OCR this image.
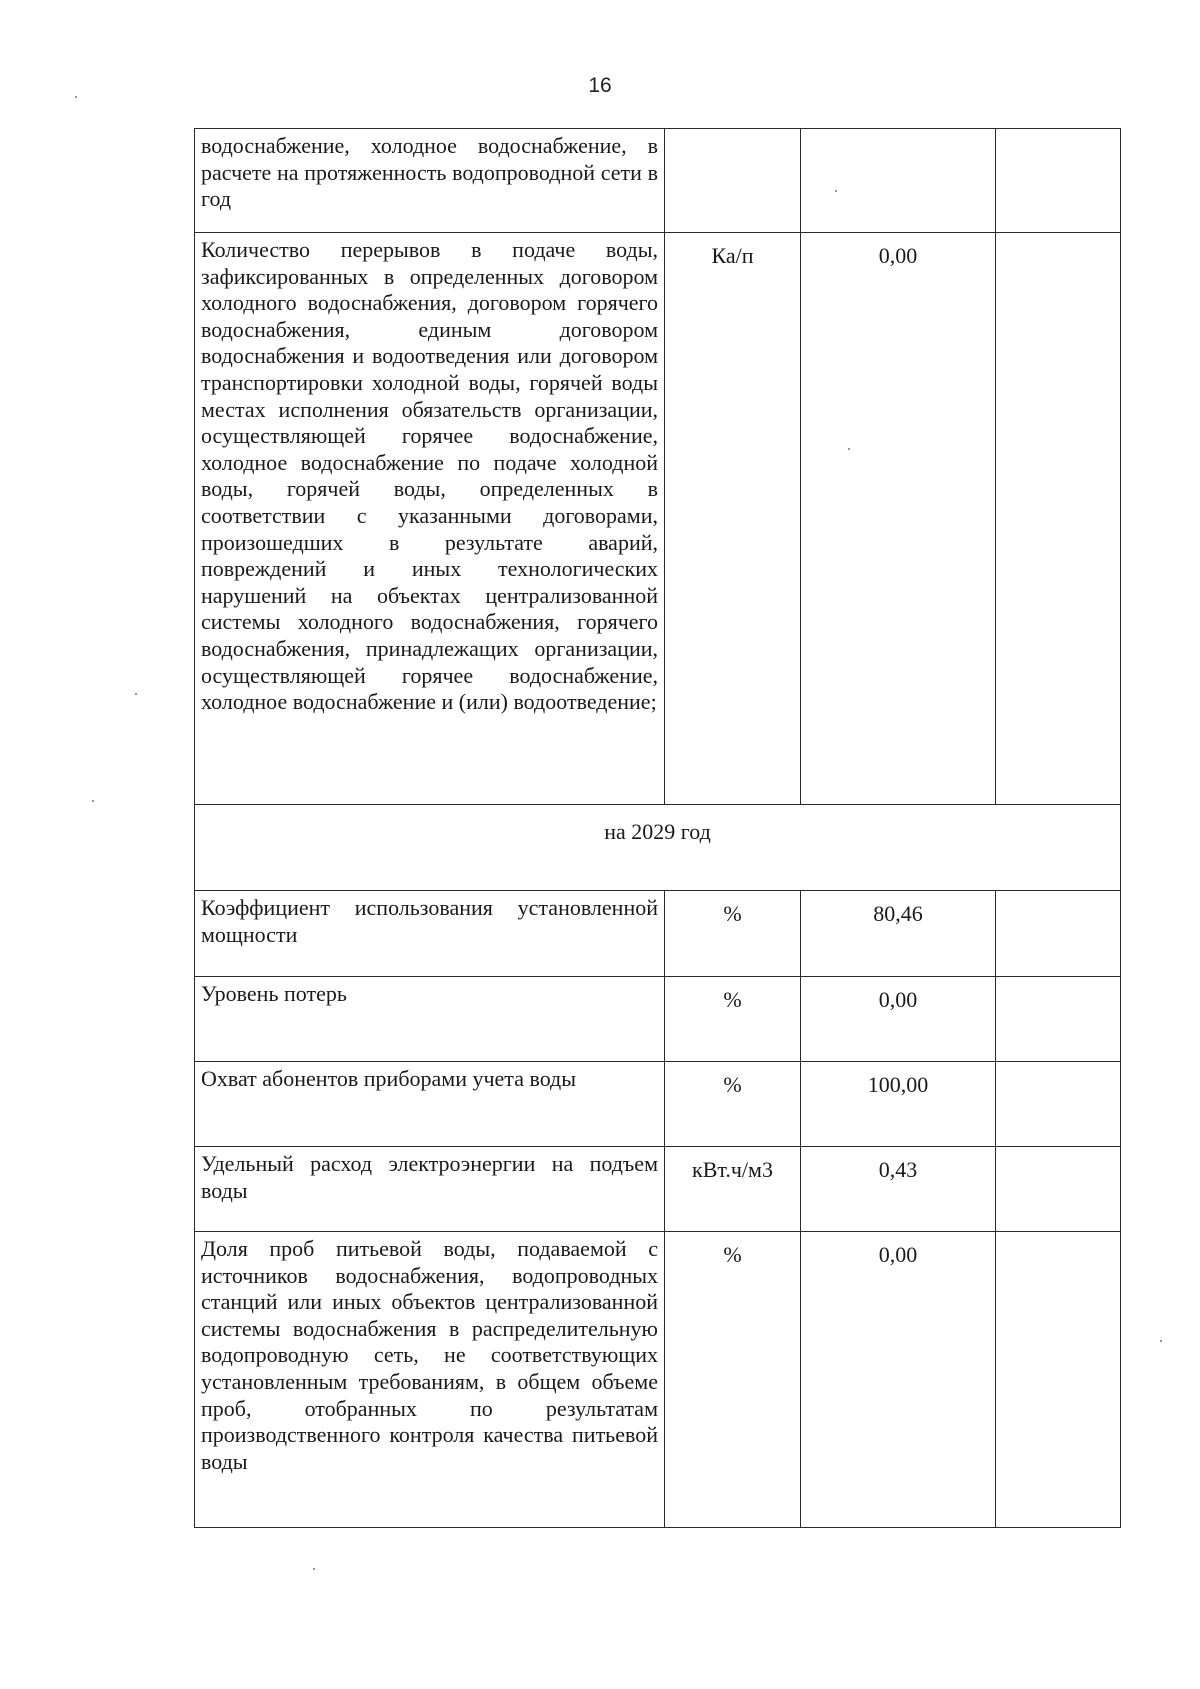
16
водоснабжение, холодное водоснабжение, в расчете на протяженность водопроводной сети в год			
Количество перерывов в подаче воды, зафиксированных в определенных договором холодного водоснабжения, договором горячего водоснабжения, единым договором водоснабжения и водоотведения или договором транспортировки холодной воды, горячей воды местах исполнения обязательств организации, осуществляющей горячее водоснабжение, холодное водоснабжение по подаче холодной воды, горячей воды, определенных в соответствии с указанными договорами, произошедших в результате аварий, повреждений и иных технологических нарушений на объектах централизованной системы холодного водоснабжения, горячего водоснабжения, принадлежащих организации, осуществляющей горячее водоснабжение, холодное водоснабжение и (или) водоотведение;	Ка/п	0,00	
на 2029 год			
Коэффициент использования установленной мощности	%	80,46	
Уровень потерь	%	0,00	
Охват абонентов приборами учета воды	%	100,00	
Удельный расход электроэнергии на подъем воды	кВт.ч/м3	0,43	
Доля проб питьевой воды, подаваемой с источников водоснабжения, водопроводных станций или иных объектов централизованной системы водоснабжения в распределительную водопроводную сеть, не соответствующих установленным требованиям, в общем объеме проб, отобранных по результатам производственного контроля качества питьевой воды	%	0,00	
